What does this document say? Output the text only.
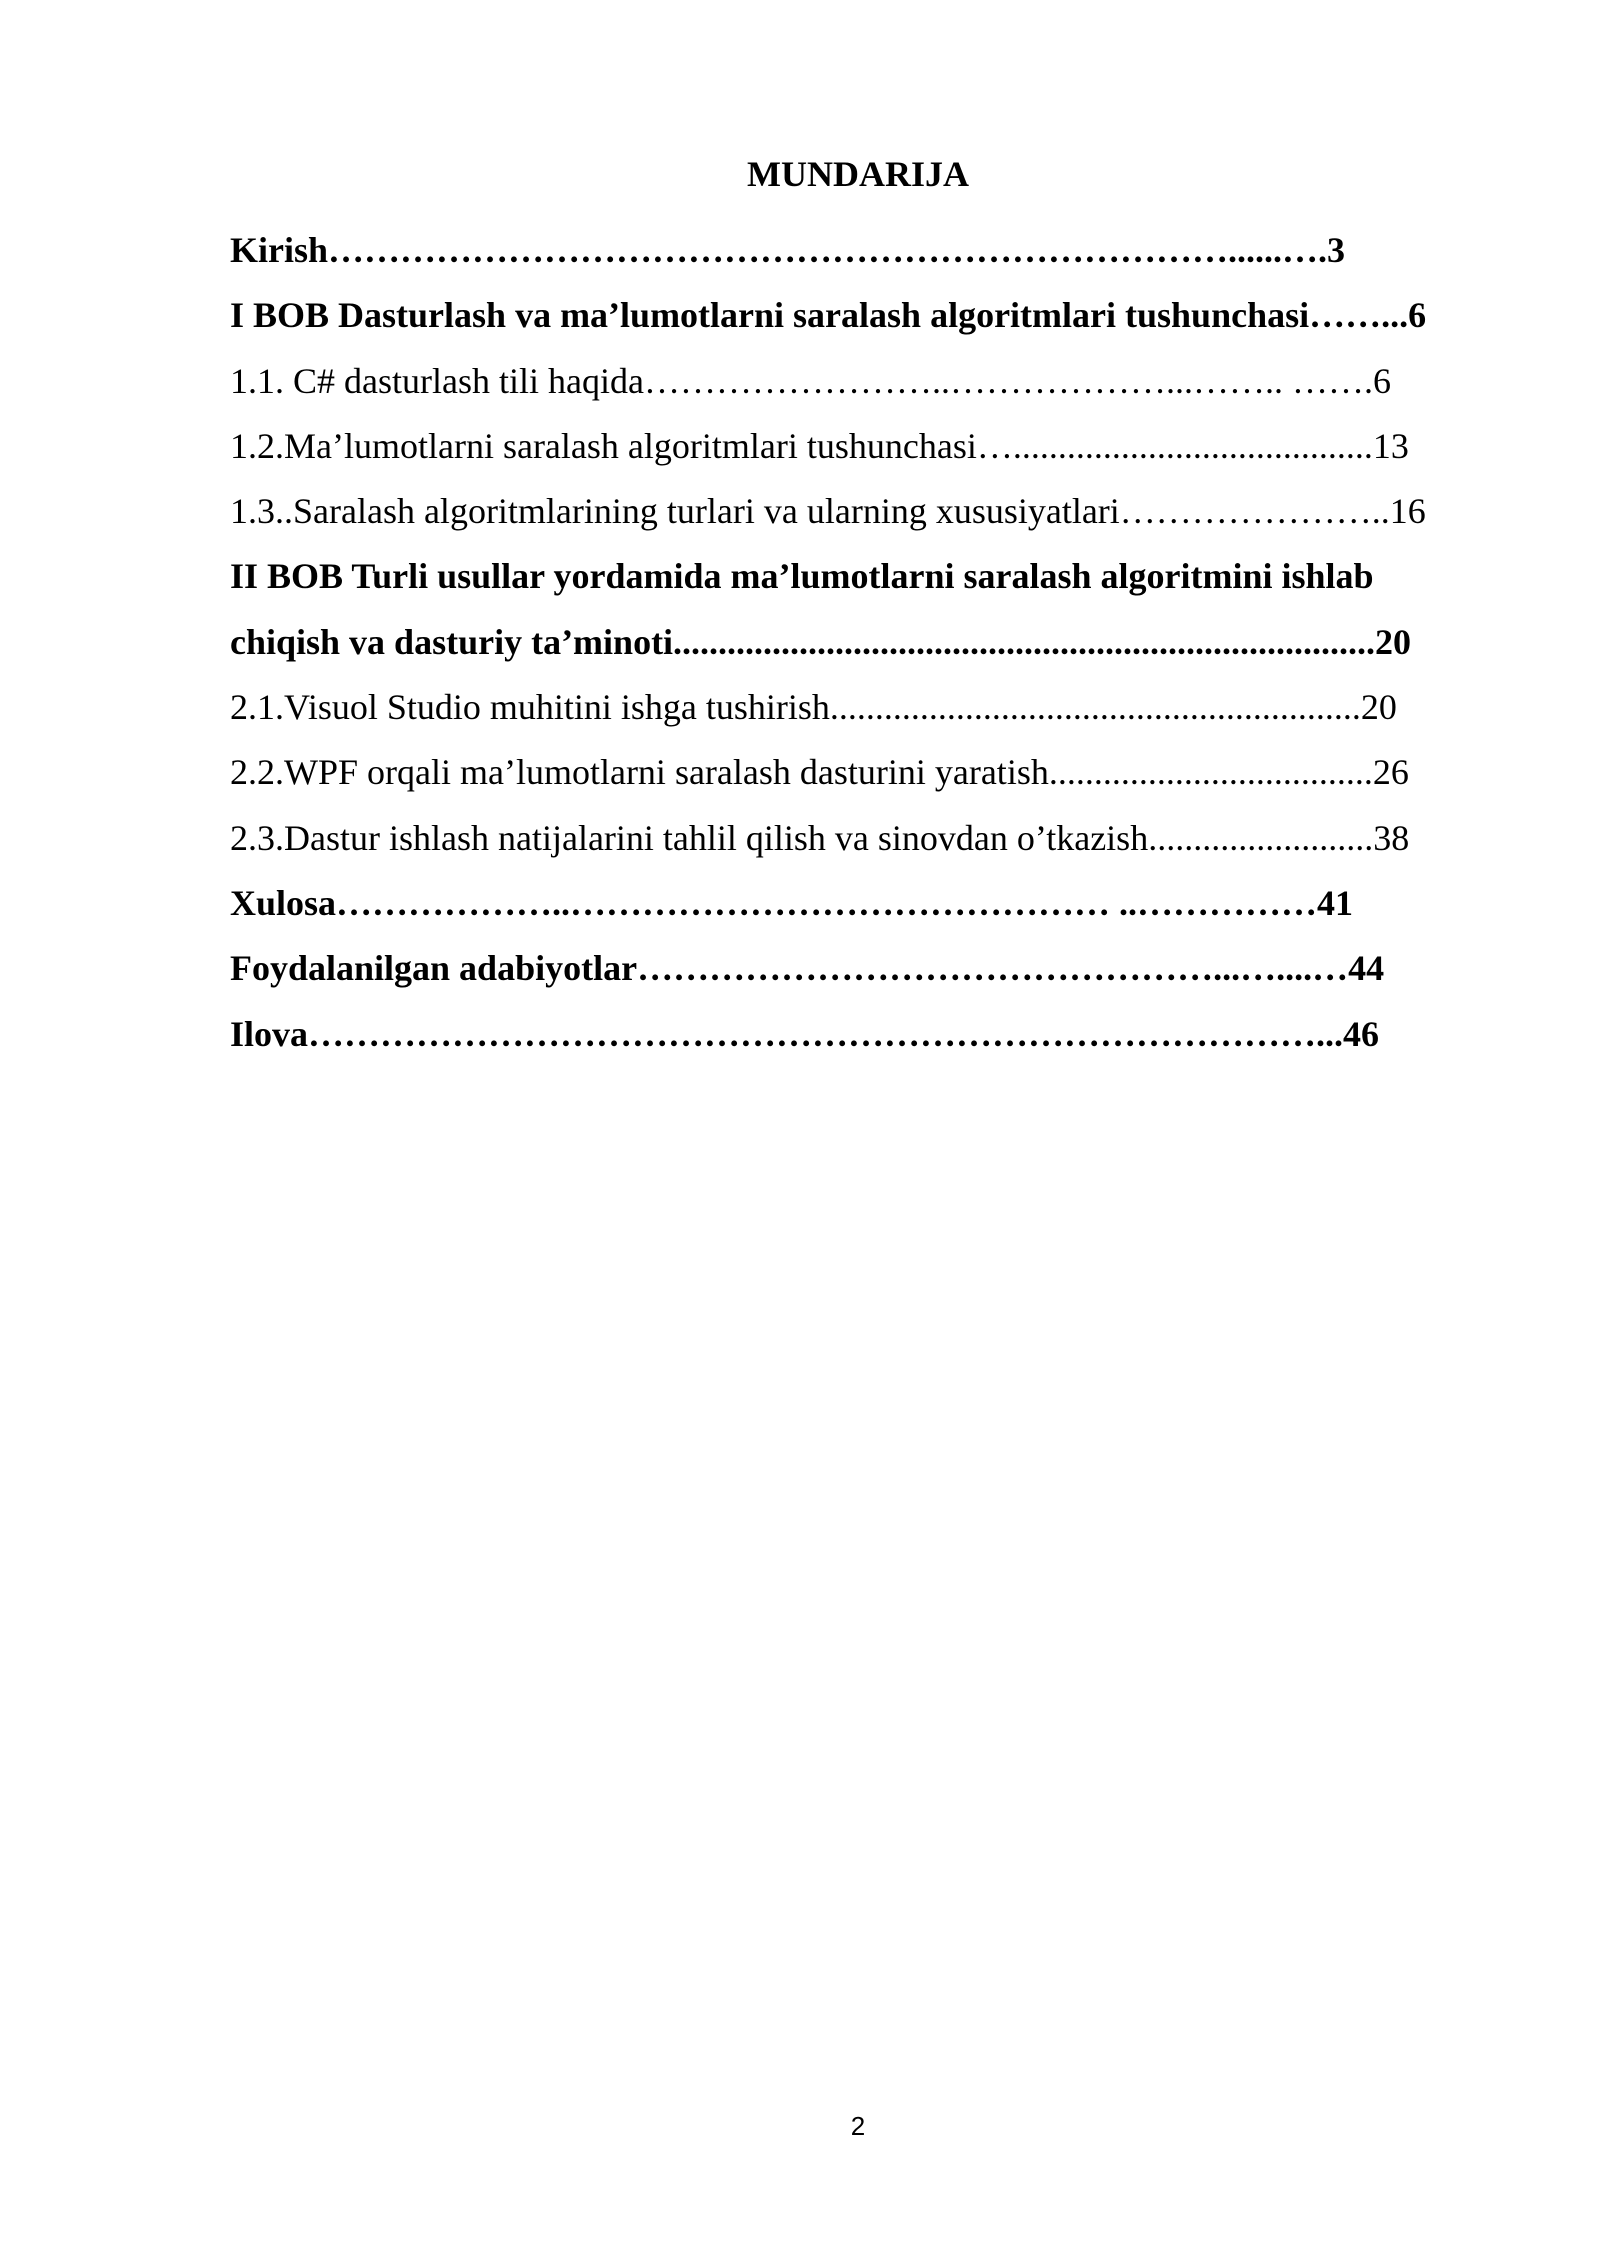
MUNDARIJA
Kirish…………………………………………………………………......….3
I BOB Dasturlash va ma’lumotlarni saralash algoritmlari tushunchasi……...6
1.1. C# dasturlash tili haqida……………………..………………...…….. …….6
1.2.Ma’lumotlarni saralash algoritmlari tushunchasi…........................................13
1.3..Saralash algoritmlarining turlari va ularning xususiyatlari…………………..16
II BOB Turli usullar yordamida ma’lumotlarni saralash algoritmini ishlab
chiqish va dasturiy ta’minoti..............................................................................20
2.1.Visuol Studio muhitini ishga tushirish...........................................................20
2.2.WPF orqali ma’lumotlarni saralash dasturini yaratish....................................26
2.3.Dastur ishlash natijalarini tahlil qilish va sinovdan o’tkazish.........................38
Xulosa………………..……………………………………… ..……………41
Foydalanilgan adabiyotlar…………………………………………...…....…44
Ilova…………………………………………………………………………...46
2
